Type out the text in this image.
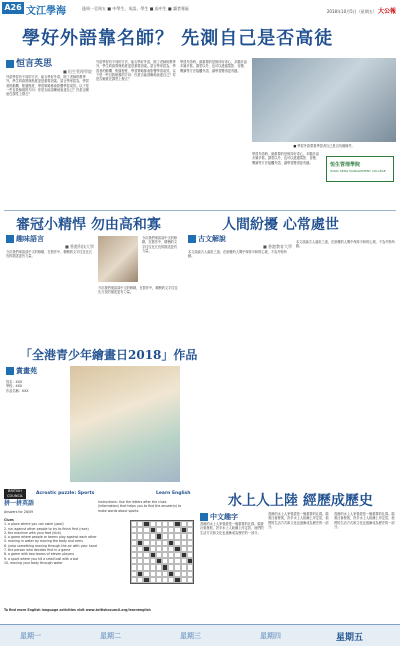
A26 文江學海	逢周一至周五 ■ 中學生、英語、學生 ■ 高中生 ■ 讀者專區
2018年10月5日（星期五） 大公報
學好外語靠名師？ 先測自己是否高徒
恒言英思
■ 恒生管理學院
外語學習有不同的方法，能否學好外語，除了老師的教學外，學生的資質與態度更是重要因素。語言學家認為，學習者的動機、焦慮程度、學習策略都會影響學習成效。以下是一些自我檢視的方向：你是否能清晰地表達自己？你是否願意在課堂上發言？
外語學習有不同的方法，能否學好外語，除了老師的教學外，學生的資質與態度更是重要因素。語言學家認為，學習者的動機、焦慮程度、學習策略都會影響學習成效。以下是一些自我檢視的方向：你是否能清晰地表達自己？你是否願意在課堂上發言？
學習外語時，最重要的是保持好奇心，多聽多說多讀多寫。課堂以外，也可以透過電影、音樂、閱讀等方法接觸外語，讓學習變得更有趣。
■ 學習外語要看學習者自己是否具備條件。
學習外語時，最重要的是保持好奇心，多聽多說多讀多寫。課堂以外，也可以透過電影、音樂、閱讀等方法接觸外語，讓學習變得更有趣。	恒生管理學院
HANG SENG MANAGEMENT COLLEGE
審冠小精悍 勿由高和寡
趣味語言
■ 香港科技大學
今次我們來談談中文的修辭，在寫作中，精簡的文字往往比冗長的描述更有力量。
今次我們來談談中文的修辭，在寫作中，精簡的文字往往比冗長的描述更有力量。
今次我們來談談中文的修辭，在寫作中，精簡的文字往往比冗長的描述更有力量。
人間紛擾 心常處世
古文解說
■ 香港教育大學
本文談論古人處世之道，在紛擾的人間中保持平和的心境，不為外物所動。
本文談論古人處世之道，在紛擾的人間中保持平和的心境，不為外物所動。
「全港青少年繪畫日2018」作品
賞畫苑
姓名：XXX
學校：XXX
作品名稱：XXX
BRITISH COUNCIL	Acrostic puzzle: Sports	Learn English
拼一拼英語
Answers for 28/09
Instructions: Use the letters after the clues (information) that helps you to find the answer(s) to make words about sports.
Clues
1. a place where you can swim (pool)
2. run against other people to try to finish first (race)
3. the machine with your feet (kick)
4. a game where people or teams play against each other
5. moving in water by moving the body and arms
6. jump something moving through the air with your hand
7. the person who decides first in a game
8. a game with two teams of eleven players
9. a sport where you hit a small ball with a bat
10. moving your body through water
To find more English language activities visit www.britishcouncil.org/learnenglish
水上人上陸 經歷成歷史
中文趣字
香港的水上人家曾經是一個重要的社群。隨著社會發展，許多水上人陸續上岸定居，他們的生活方式和文化也逐漸成為歷史的一部分。
香港的水上人家曾經是一個重要的社群。隨著社會發展，許多水上人陸續上岸定居，他們的生活方式和文化也逐漸成為歷史的一部分。
香港的水上人家曾經是一個重要的社群。隨著社會發展，許多水上人陸續上岸定居，他們的生活方式和文化也逐漸成為歷史的一部分。
星期一	星期二	星期三	星期四	星期五
